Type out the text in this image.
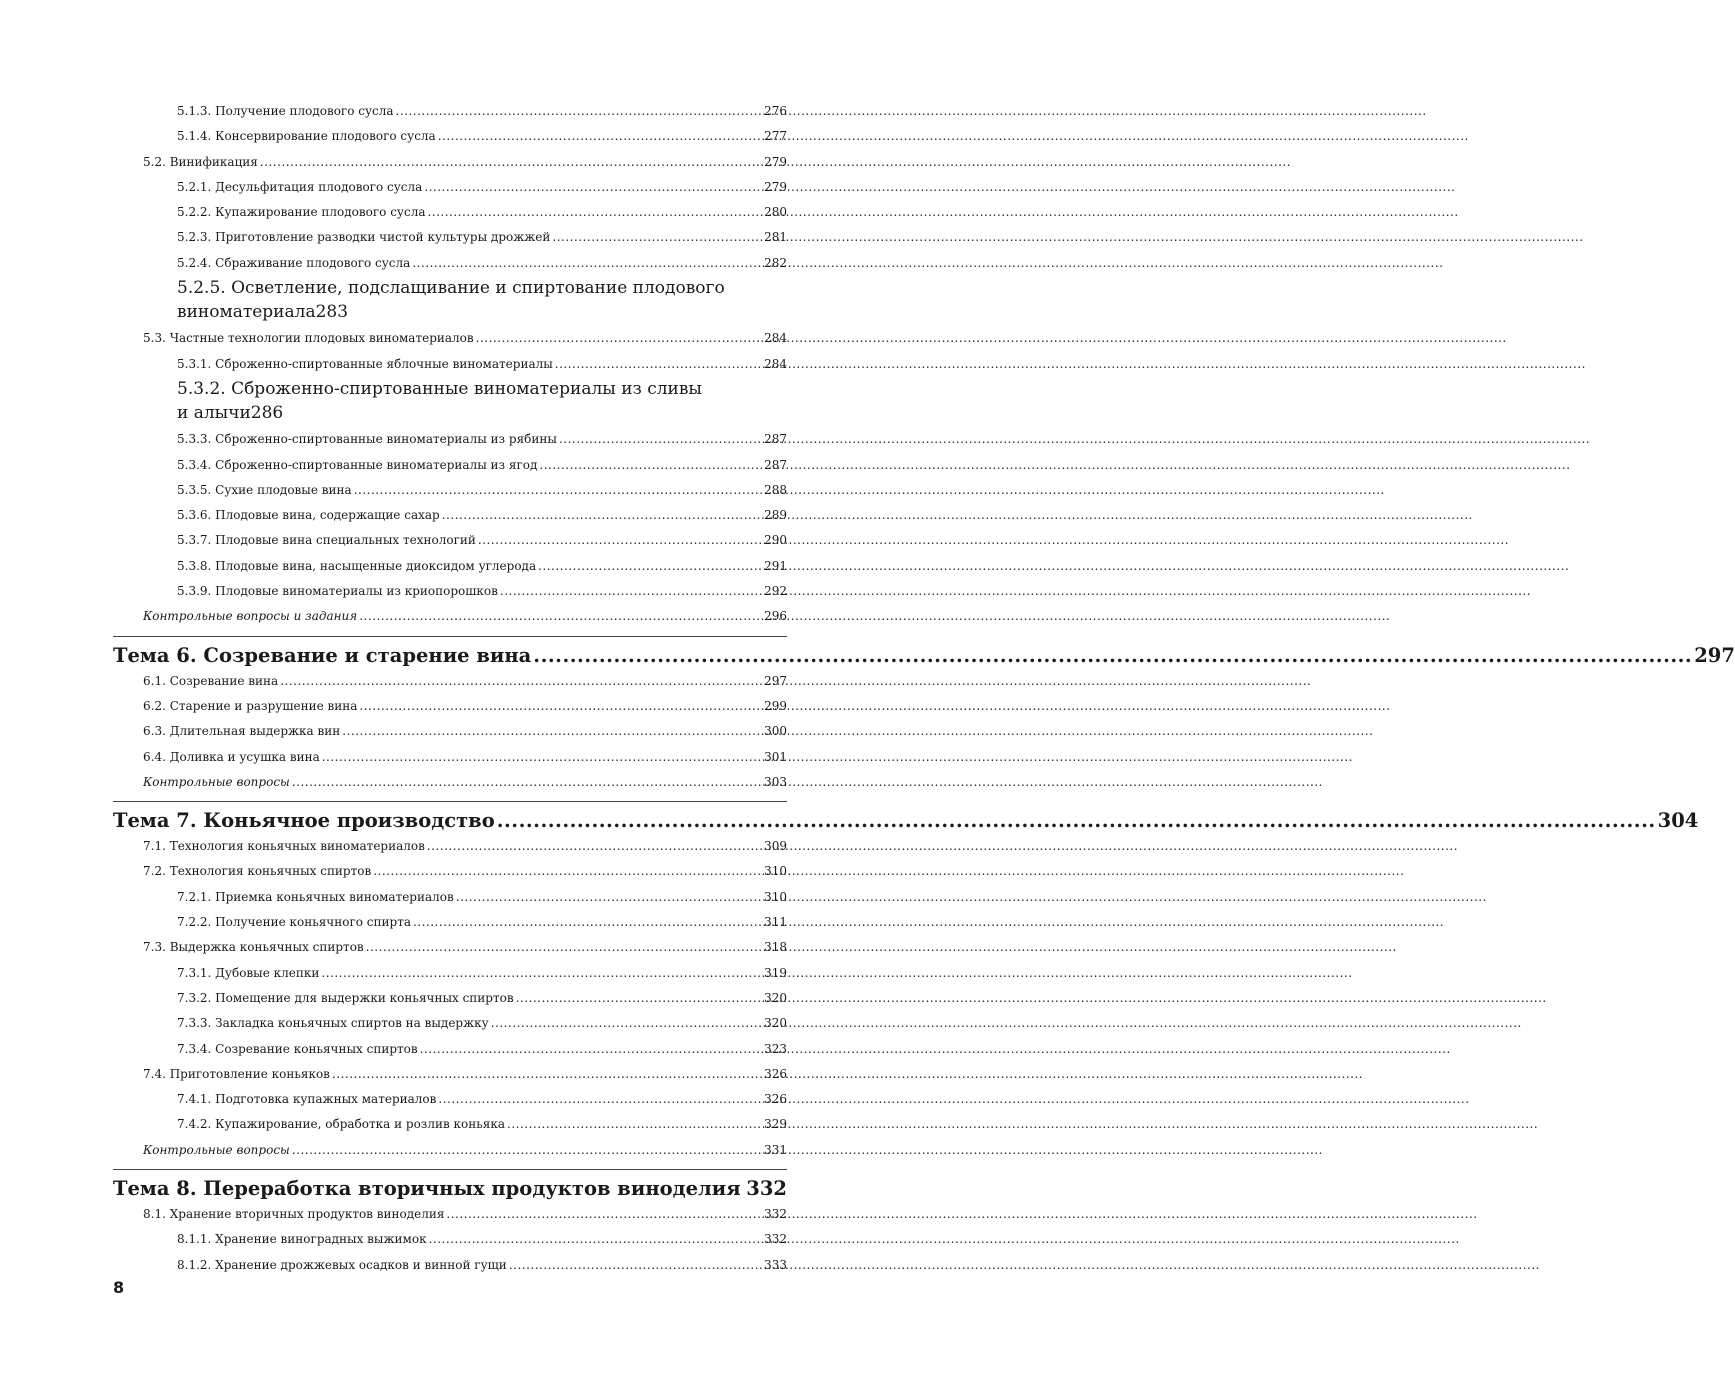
5.1.3. Получение плодового сусла .....	276
5.1.4. Консервирование плодового сусла .....	277
5.2. Винификация .....	279
5.2.1. Десульфитация плодового сусла .....	279
5.2.2. Купажирование плодового сусла .....	280
5.2.3. Приготовление разводки чистой культуры дрожжей .....	281
5.2.4. Сбраживание плодового сусла .....	282
5.2.5. Осветление, подслащивание и спиртование плодового
виноматериала 283
5.3. Частные технологии плодовых виноматериалов .....	284
5.3.1. Сброженно-спиртованные яблочные виноматериалы .....	284
5.3.2. Сброженно-спиртованные виноматериалы из сливы
и алычи 286
5.3.3. Сброженно-спиртованные виноматериалы из рябины .....	287
5.3.4. Сброженно-спиртованные виноматериалы из ягод .....	287
5.3.5. Сухие плодовые вина .....	288
5.3.6. Плодовые вина, содержащие сахар .....	289
5.3.7. Плодовые вина специальных технологий .....	290
5.3.8. Плодовые вина, насыщенные диоксидом углерода .....	291
5.3.9. Плодовые виноматериалы из криопорошков .....	292
Контрольные вопросы и задания .....	296
Тема 6. Созревание и старение вина .....	297
6.1. Созревание вина .....	297
6.2. Старение и разрушение вина .....	299
6.3. Длительная выдержка вин .....	300
6.4. Доливка и усушка вина .....	301
Контрольные вопросы .....	303
Тема 7. Коньячное производство .....	304
7.1. Технология коньячных виноматериалов .....	309
7.2. Технология коньячных спиртов .....	310
7.2.1. Приемка коньячных виноматериалов .....	310
7.2.2. Получение коньячного спирта .....	311
7.3. Выдержка коньячных спиртов .....	318
7.3.1. Дубовые клепки .....	319
7.3.2. Помещение для выдержки коньячных спиртов .....	320
7.3.3. Закладка коньячных спиртов на выдержку .....	320
7.3.4. Созревание коньячных спиртов .....	323
7.4. Приготовление коньяков .....	326
7.4.1. Подготовка купажных материалов .....	326
7.4.2. Купажирование, обработка и розлив коньяка .....	329
Контрольные вопросы .....	331
Тема 8. Переработка вторичных продуктов виноделия ..... 332
8.1. Хранение вторичных продуктов виноделия .....	332
8.1.1. Хранение виноградных выжимок .....	332
8.1.2. Хранение дрожжевых осадков и винной гущи .....	333
8
